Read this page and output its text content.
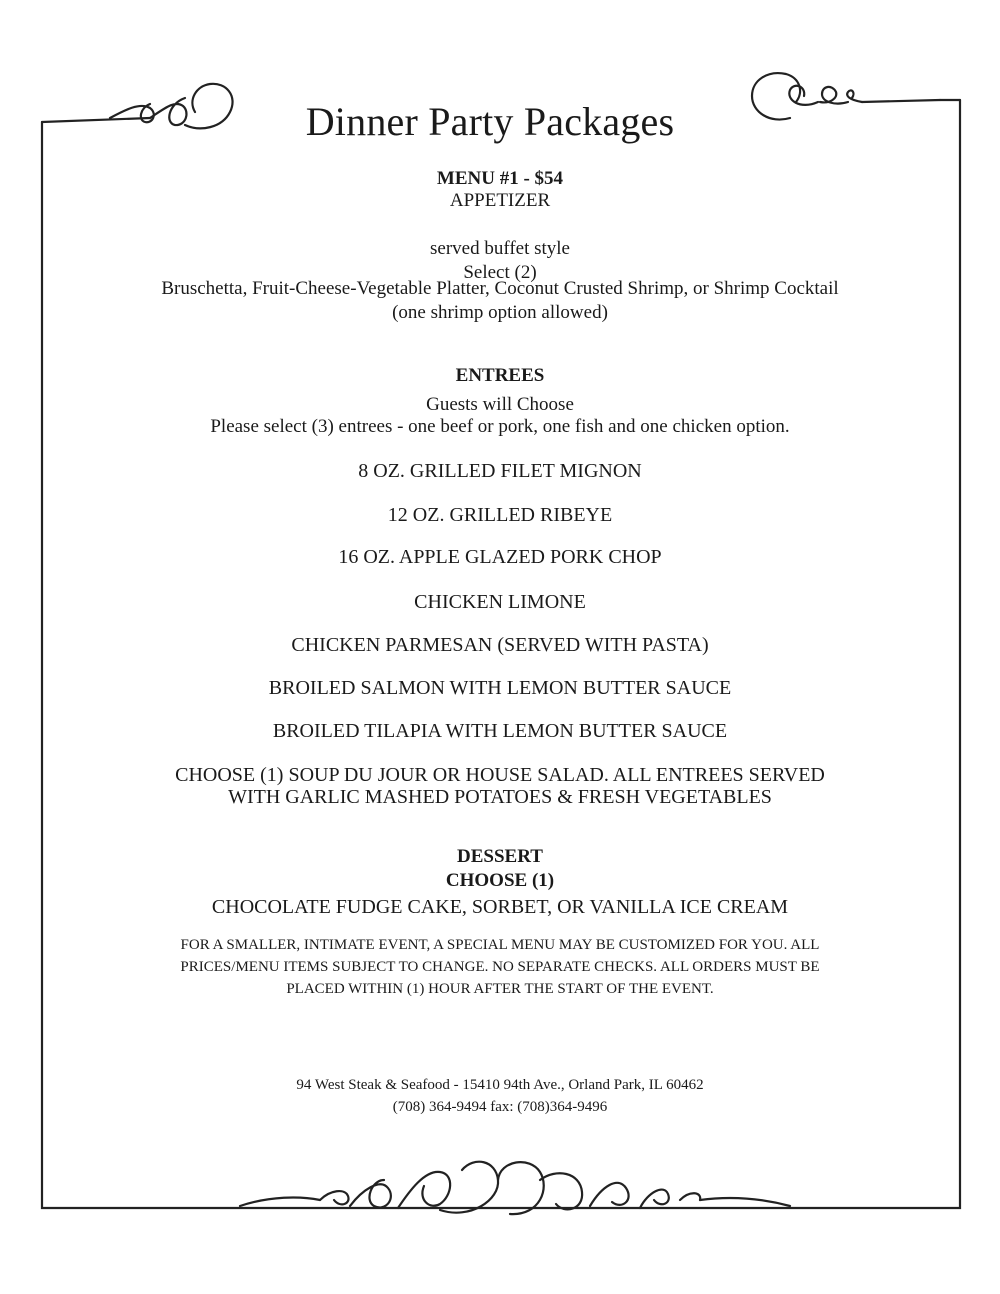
Dinner Party Packages
MENU #1 - $54
APPETIZER
served buffet style
Select (2)
Bruschetta, Fruit-Cheese-Vegetable Platter, Coconut Crusted Shrimp, or Shrimp Cocktail
(one shrimp option allowed)
ENTREES
Guests will Choose
Please select (3) entrees - one beef or pork, one fish and one chicken option.
8 OZ. GRILLED FILET MIGNON
12 OZ. GRILLED RIBEYE
16 OZ. APPLE GLAZED PORK CHOP
CHICKEN LIMONE
CHICKEN PARMESAN (SERVED WITH PASTA)
BROILED SALMON WITH LEMON BUTTER SAUCE
BROILED TILAPIA WITH LEMON BUTTER SAUCE
CHOOSE (1) SOUP DU JOUR OR HOUSE SALAD. ALL ENTREES SERVED
WITH GARLIC MASHED POTATOES & FRESH VEGETABLES
DESSERT
CHOOSE (1)
CHOCOLATE FUDGE CAKE, SORBET, OR VANILLA ICE CREAM
FOR A SMALLER, INTIMATE EVENT, A SPECIAL MENU MAY BE CUSTOMIZED FOR YOU. ALL
PRICES/MENU ITEMS SUBJECT TO CHANGE. NO SEPARATE CHECKS. ALL ORDERS MUST BE
PLACED WITHIN (1) HOUR AFTER THE START OF THE EVENT.
94 West Steak & Seafood - 15410 94th Ave., Orland Park, IL 60462
(708) 364-9494 fax: (708)364-9496
